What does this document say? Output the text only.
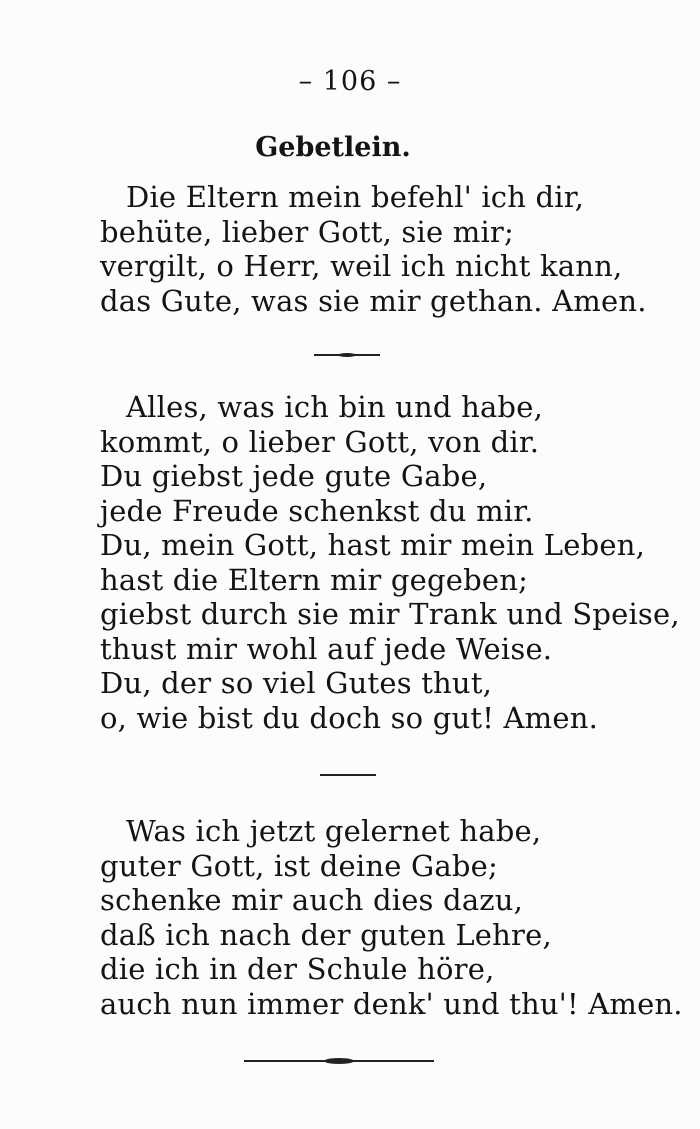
– 106 –
Gebetlein.
Die Eltern mein befehl' ich dir,
behüte, lieber Gott, sie mir;
vergilt, o Herr, weil ich nicht kann,
das Gute, was sie mir gethan. Amen.
Alles, was ich bin und habe,
kommt, o lieber Gott, von dir.
Du giebst jede gute Gabe,
jede Freude schenkst du mir.
Du, mein Gott, hast mir mein Leben,
hast die Eltern mir gegeben;
giebst durch sie mir Trank und Speise,
thust mir wohl auf jede Weise.
Du, der so viel Gutes thut,
o, wie bist du doch so gut! Amen.
Was ich jetzt gelernet habe,
guter Gott, ist deine Gabe;
schenke mir auch dies dazu,
daß ich nach der guten Lehre,
die ich in der Schule höre,
auch nun immer denk' und thu'! Amen.
